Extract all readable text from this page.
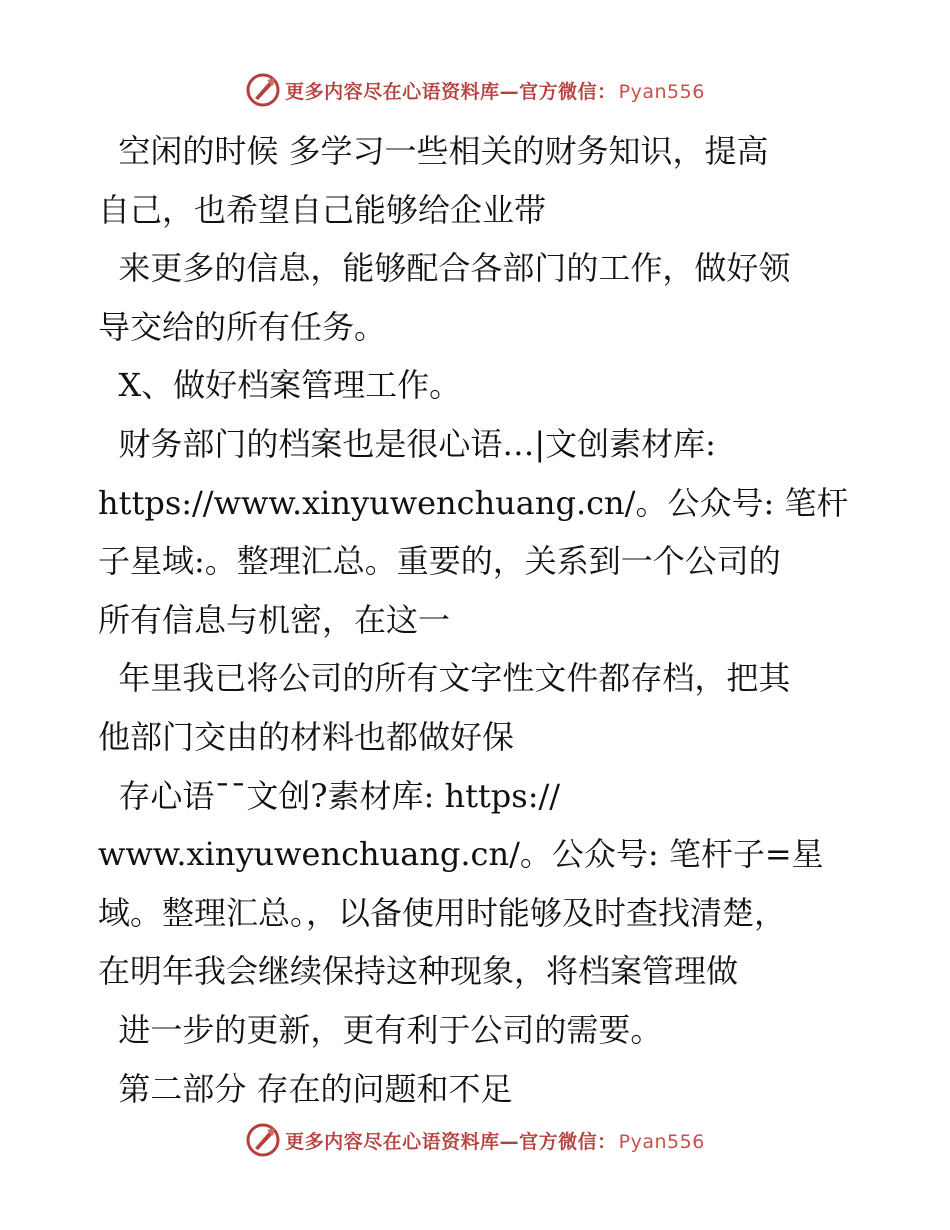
更多内容尽在心语资料库—官方微信： Pyan556

空闲的时候 多学习一些相关的财务知识，提高

自己，也希望自己能够给企业带

来更多的信息，能够配合各部门的工作，做好领

导交给的所有任务。

X、做好档案管理工作。

财务部门的档案也是很心语…|文创素材库:

https://www.xinyuwenchuang.cn/。公众号: 笔杆

子星域:。整理汇总。重要的，关系到一个公司的

所有信息与机密，在这一

年里我已将公司的所有文字性文件都存档，把其

他部门交由的材料也都做好保

存心语¯¯文创?素材库: https://

www.xinyuwenchuang.cn/。公众号: 笔杆子=星

域。整理汇总。，以备使用时能够及时查找清楚，

在明年我会继续保持这种现象，将档案管理做

进一步的更新，更有利于公司的需要。

第二部分 存在的问题和不足

更多内容尽在心语资料库—官方微信： Pyan556
